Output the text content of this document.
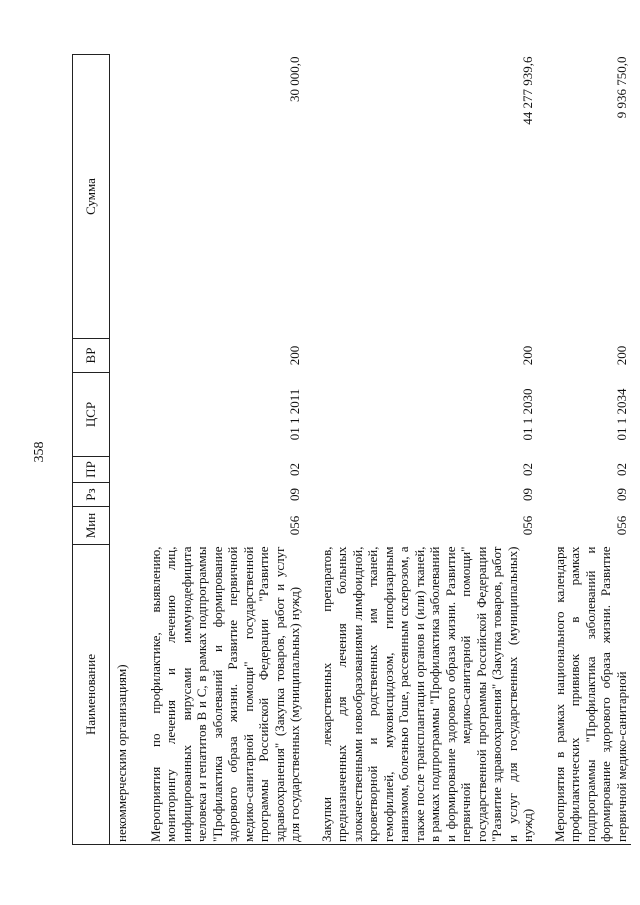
358
Наименование	Мин	Рз	ПР	ЦСР	ВР	Сумма
некоммерческим организациям)						
Мероприятия по профилактике, выявлению, мониторингу лечения и лечению лиц, инфицированных вирусами иммунодефицита человека и гепатитов В и С, в рамках подпрограммы "Профилактика заболеваний и формирование здорового образа жизни. Развитие первичной медико-санитарной помощи" государственной программы Российской Федерации "Развитие здравоохранения" (Закупка товаров, работ и услуг для государственных (муниципальных) нужд)	056	09	02	01 1 2011	200	30 000,0
Закупки лекарственных препаратов, предназначенных для лечения больных злокачественными новообразованиями лимфоидной, кроветворной и родственных им тканей, гемофилией, муковисцидозом, гипофизарным нанизмом, болезнью Гоше, рассеянным склерозом, а также после трансплантации органов и (или) тканей, в рамках подпрограммы "Профилактика заболеваний и формирование здорового образа жизни. Развитие первичной медико-санитарной помощи" государственной программы Российской Федерации "Развитие здравоохранения" (Закупка товаров, работ и услуг для государственных (муниципальных) нужд)	056	09	02	01 1 2030	200	44 277 939,6
Мероприятия в рамках национального календаря профилактических прививок в рамках подпрограммы "Профилактика заболеваний и формирование здорового образа жизни. Развитие первичной медико-санитарной	056	09	02	01 1 2034	200	9 936 750,0
